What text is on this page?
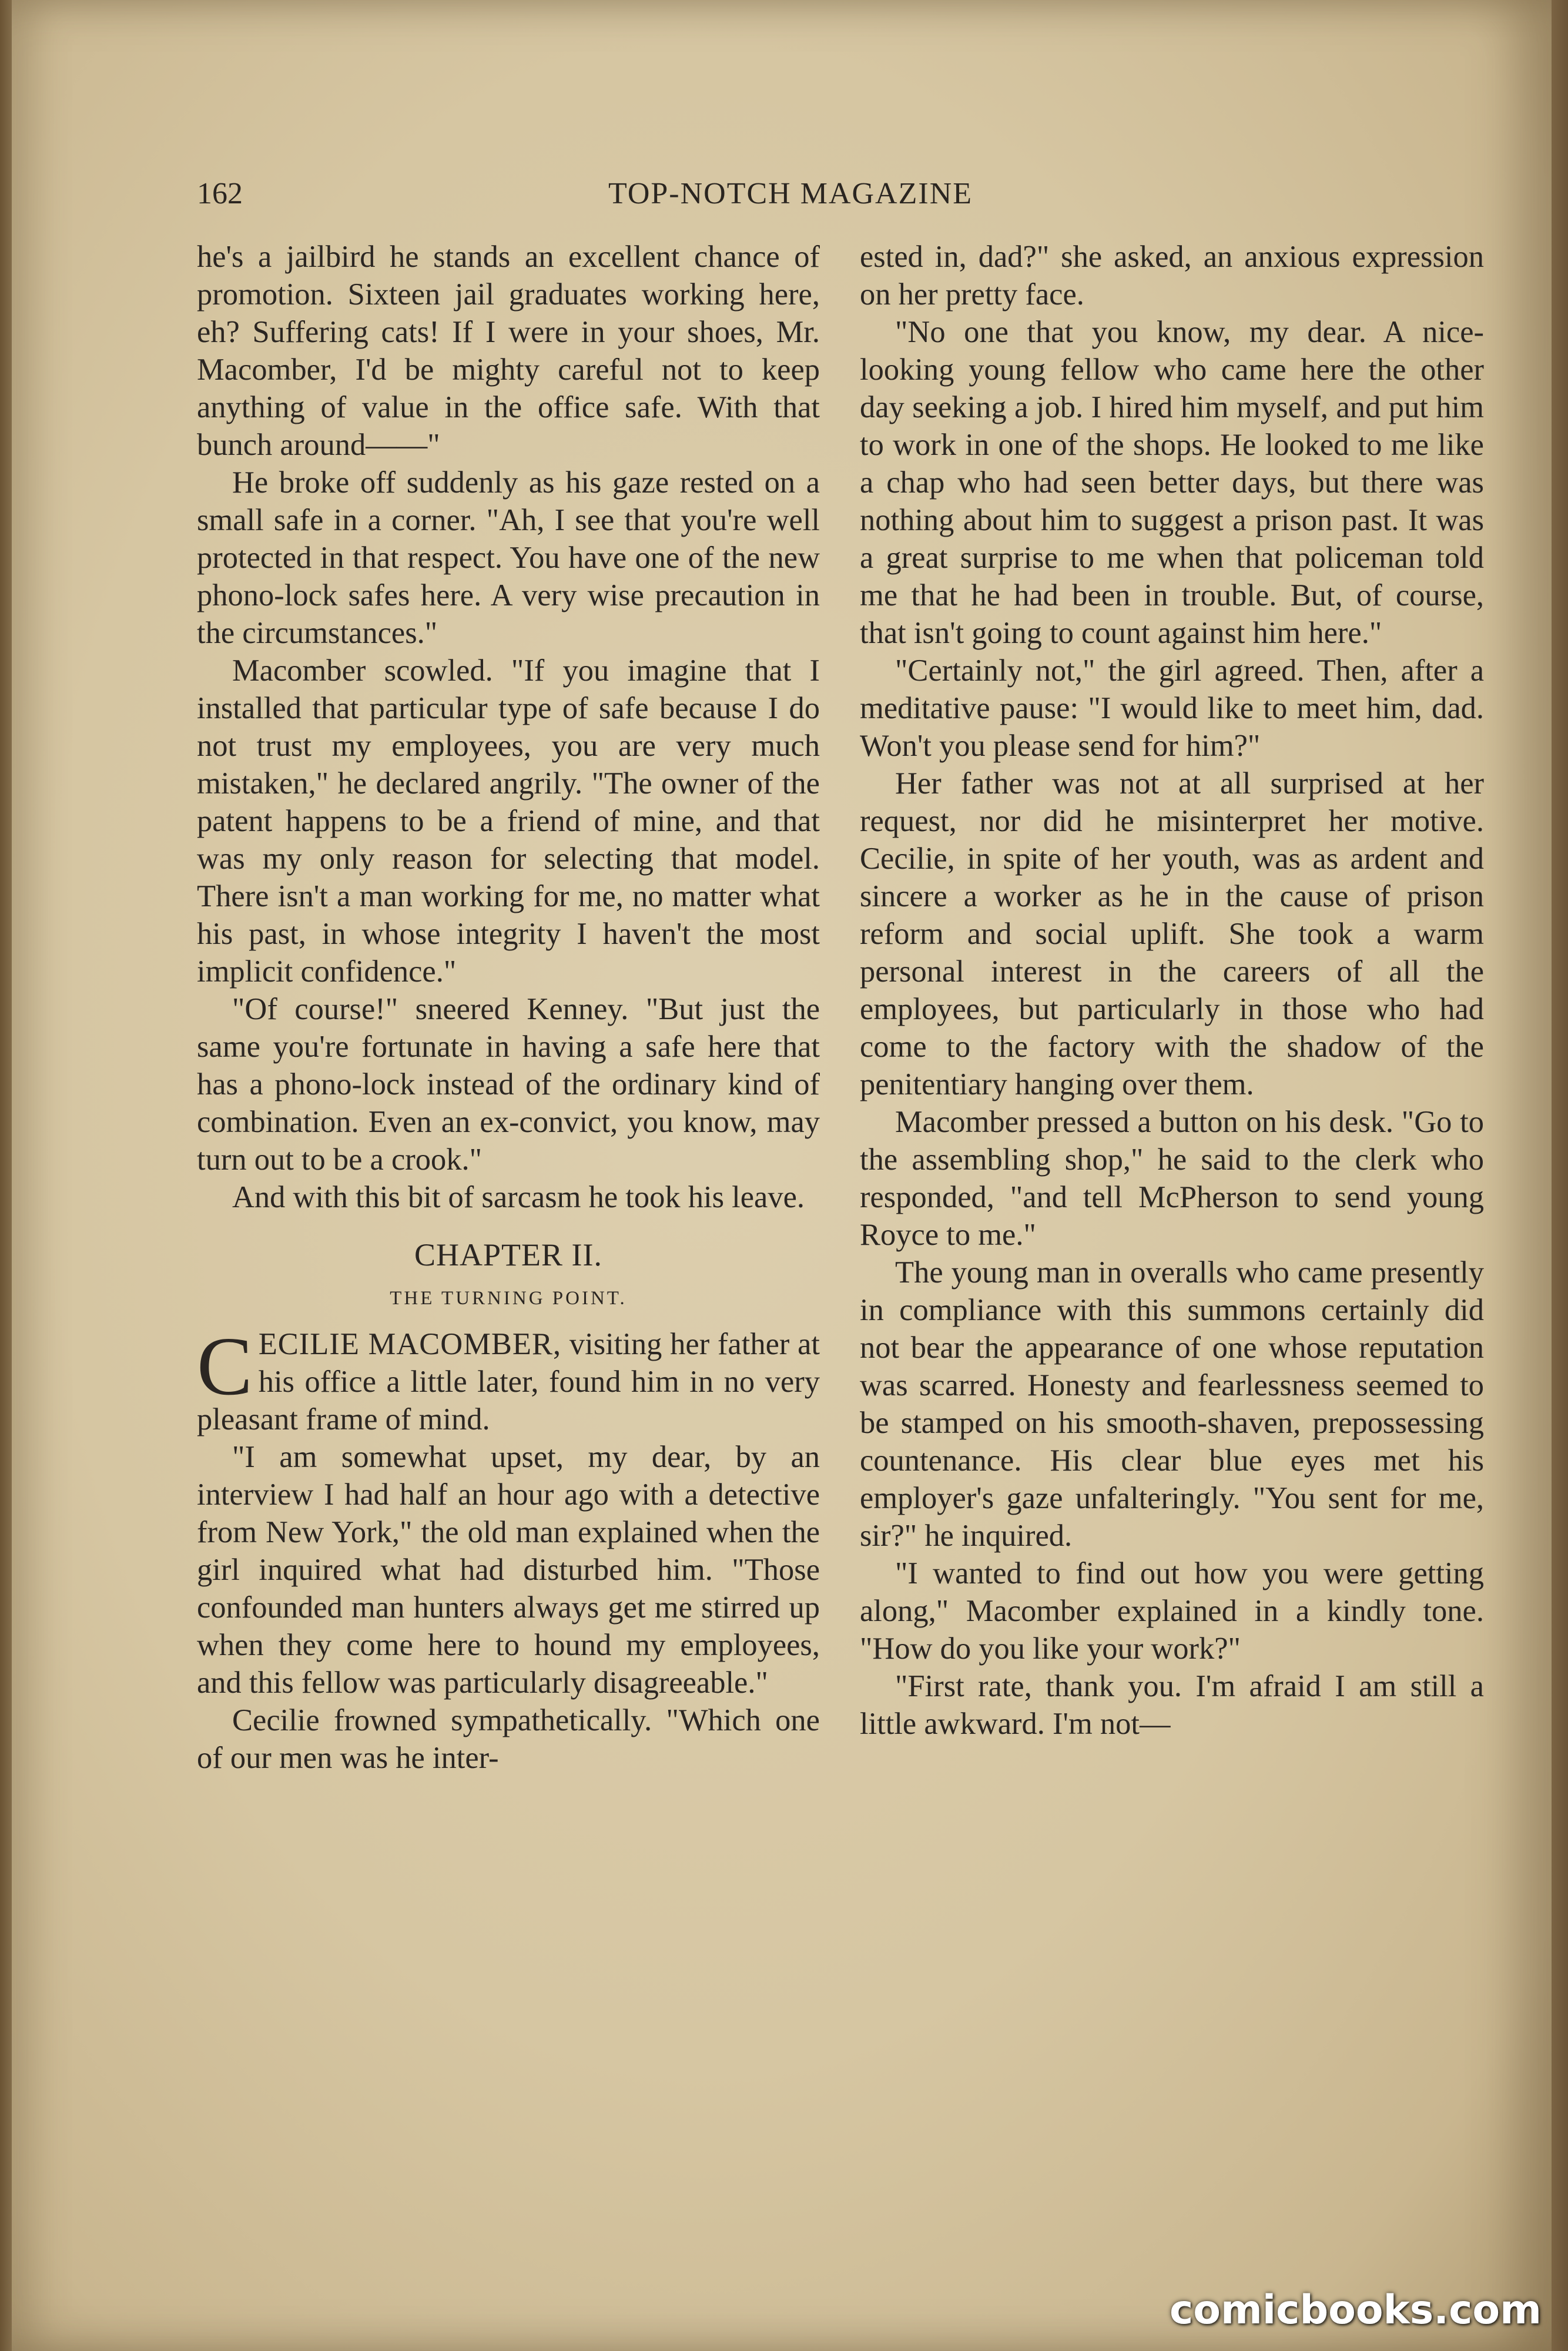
162	TOP-NOTCH MAGAZINE

he's a jailbird he stands an excellent chance of promotion. Sixteen jail graduates working here, eh? Suffering cats! If I were in your shoes, Mr. Macomber, I'd be mighty careful not to keep anything of value in the office safe. With that bunch around——"

He broke off suddenly as his gaze rested on a small safe in a corner. "Ah, I see that you're well protected in that respect. You have one of the new phono-lock safes here. A very wise precaution in the circumstances."

Macomber scowled. "If you imagine that I installed that particular type of safe because I do not trust my employees, you are very much mistaken," he declared angrily. "The owner of the patent happens to be a friend of mine, and that was my only reason for selecting that model. There isn't a man working for me, no matter what his past, in whose integrity I haven't the most implicit confidence."

"Of course!" sneered Kenney. "But just the same you're fortunate in having a safe here that has a phono-lock instead of the ordinary kind of combination. Even an ex-convict, you know, may turn out to be a crook."

And with this bit of sarcasm he took his leave.

CHAPTER II.
THE TURNING POINT.

CECILIE MACOMBER, visiting her father at his office a little later, found him in no very pleasant frame of mind.

"I am somewhat upset, my dear, by an interview I had half an hour ago with a detective from New York," the old man explained when the girl inquired what had disturbed him. "Those confounded man hunters always get me stirred up when they come here to hound my employees, and this fellow was particularly disagreeable."

Cecilie frowned sympathetically. "Which one of our men was he inter-

ested in, dad?" she asked, an anxious expression on her pretty face.

"No one that you know, my dear. A nice-looking young fellow who came here the other day seeking a job. I hired him myself, and put him to work in one of the shops. He looked to me like a chap who had seen better days, but there was nothing about him to suggest a prison past. It was a great surprise to me when that policeman told me that he had been in trouble. But, of course, that isn't going to count against him here."

"Certainly not," the girl agreed. Then, after a meditative pause: "I would like to meet him, dad. Won't you please send for him?"

Her father was not at all surprised at her request, nor did he misinterpret her motive. Cecilie, in spite of her youth, was as ardent and sincere a worker as he in the cause of prison reform and social uplift. She took a warm personal interest in the careers of all the employees, but particularly in those who had come to the factory with the shadow of the penitentiary hanging over them.

Macomber pressed a button on his desk. "Go to the assembling shop," he said to the clerk who responded, "and tell McPherson to send young Royce to me."

The young man in overalls who came presently in compliance with this summons certainly did not bear the appearance of one whose reputation was scarred. Honesty and fearlessness seemed to be stamped on his smooth-shaven, prepossessing countenance. His clear blue eyes met his employer's gaze unfalteringly. "You sent for me, sir?" he inquired.

"I wanted to find out how you were getting along," Macomber explained in a kindly tone. "How do you like your work?"

"First rate, thank you. I'm afraid I am still a little awkward. I'm not—

comicbooks.com
